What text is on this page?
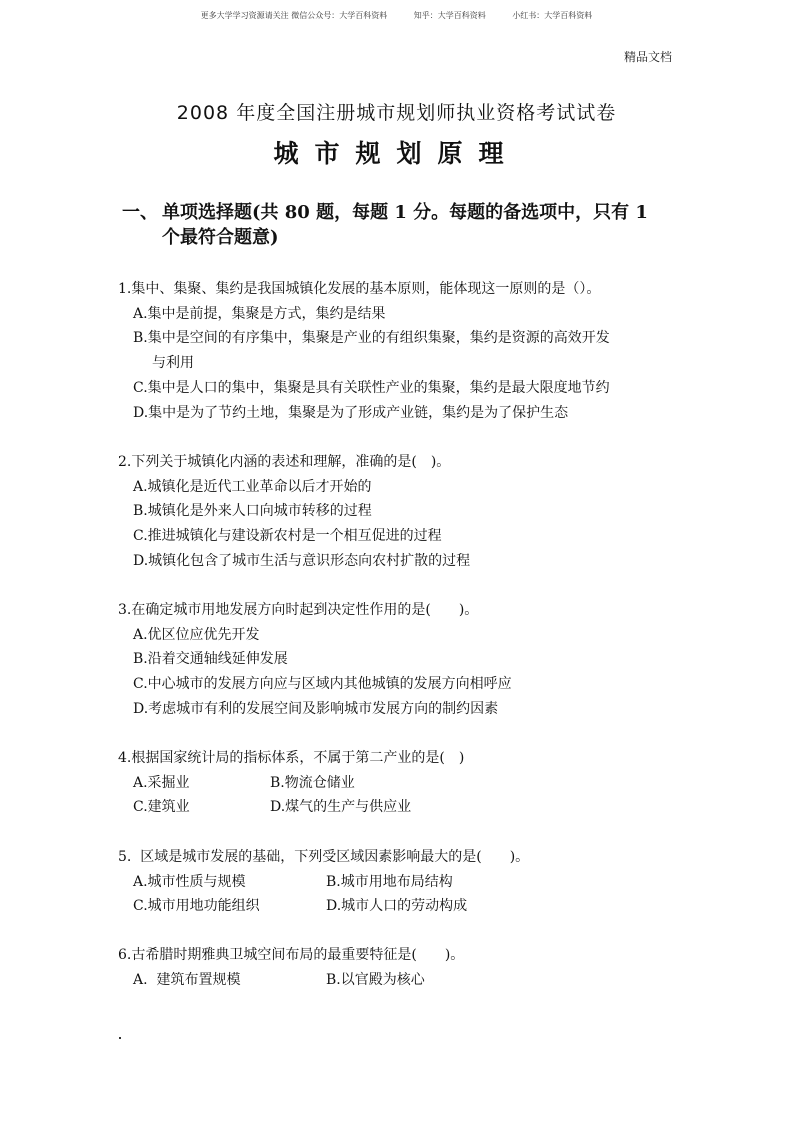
更多大学学习资源请关注 微信公众号：大学百科资料	知乎：大学百科资料	小红书：大学百科资料
精品文档
2008 年度全国注册城市规划师执业资格考试试卷
城市规划原理
一、 单项选择题(共 80 题，每题 1 分。每题的备选项中，只有 1
个最符合题意)
1.集中、集聚、集约是我国城镇化发展的基本原则，能体现这一原则的是（）。
A.集中是前提，集聚是方式，集约是结果
B.集中是空间的有序集中，集聚是产业的有组织集聚，集约是资源的高效开发
与利用
C.集中是人口的集中，集聚是具有关联性产业的集聚，集约是最大限度地节约
D.集中是为了节约土地，集聚是为了形成产业链，集约是为了保护生态
2.下列关于城镇化内涵的表述和理解，准确的是(　)。
A.城镇化是近代工业革命以后才开始的
B.城镇化是外来人口向城市转移的过程
C.推进城镇化与建设新农村是一个相互促进的过程
D.城镇化包含了城市生活与意识形态向农村扩散的过程
3.在确定城市用地发展方向时起到决定性作用的是(　　)。
A.优区位应优先开发
B.沿着交通轴线延伸发展
C.中心城市的发展方向应与区域内其他城镇的发展方向相呼应
D.考虑城市有利的发展空间及影响城市发展方向的制约因素
4.根据国家统计局的指标体系，不属于第二产业的是(　)
A.采掘业	B.物流仓储业
C.建筑业	D.煤气的生产与供应业
5.  区域是城市发展的基础，下列受区域因素影响最大的是(　　)。
A.城市性质与规模	B.城市用地布局结构
C.城市用地功能组织	D.城市人口的劳动构成
6.古希腊时期雅典卫城空间布局的最重要特征是(　　)。
A.  建筑布置规模	B.以官殿为核心
